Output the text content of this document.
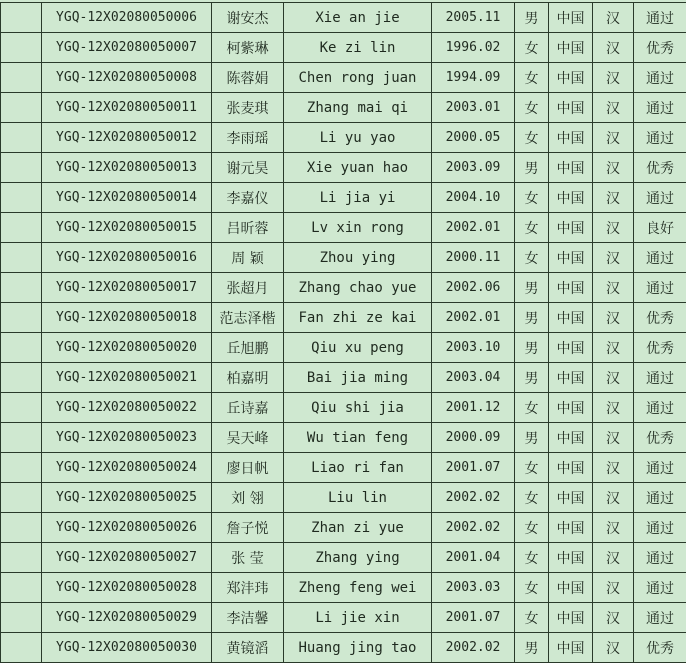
	YGQ-12X02080050006	谢安杰	Xie an jie	2005.11	男	中国	汉	通过
	YGQ-12X02080050007	柯紫琳	Ke zi lin	1996.02	女	中国	汉	优秀
	YGQ-12X02080050008	陈蓉娟	Chen rong juan	1994.09	女	中国	汉	通过
	YGQ-12X02080050011	张麦琪	Zhang mai qi	2003.01	女	中国	汉	通过
	YGQ-12X02080050012	李雨瑶	Li yu yao	2000.05	女	中国	汉	通过
	YGQ-12X02080050013	谢元昊	Xie yuan hao	2003.09	男	中国	汉	优秀
	YGQ-12X02080050014	李嘉仪	Li jia yi	2004.10	女	中国	汉	通过
	YGQ-12X02080050015	吕昕蓉	Lv xin rong	2002.01	女	中国	汉	良好
	YGQ-12X02080050016	周 颖	Zhou ying	2000.11	女	中国	汉	通过
	YGQ-12X02080050017	张超月	Zhang chao yue	2002.06	男	中国	汉	通过
	YGQ-12X02080050018	范志泽楷	Fan zhi ze kai	2002.01	男	中国	汉	优秀
	YGQ-12X02080050020	丘旭鹏	Qiu xu peng	2003.10	男	中国	汉	优秀
	YGQ-12X02080050021	柏嘉明	Bai jia ming	2003.04	男	中国	汉	通过
	YGQ-12X02080050022	丘诗嘉	Qiu shi jia	2001.12	女	中国	汉	通过
	YGQ-12X02080050023	吴天峰	Wu tian feng	2000.09	男	中国	汉	优秀
	YGQ-12X02080050024	廖日帆	Liao ri fan	2001.07	女	中国	汉	通过
	YGQ-12X02080050025	刘 翎	Liu lin	2002.02	女	中国	汉	通过
	YGQ-12X02080050026	詹子悦	Zhan zi yue	2002.02	女	中国	汉	通过
	YGQ-12X02080050027	张 莹	Zhang ying	2001.04	女	中国	汉	通过
	YGQ-12X02080050028	郑沣玮	Zheng feng wei	2003.03	女	中国	汉	通过
	YGQ-12X02080050029	李洁馨	Li jie xin	2001.07	女	中国	汉	通过
	YGQ-12X02080050030	黄镜滔	Huang jing tao	2002.02	男	中国	汉	优秀
